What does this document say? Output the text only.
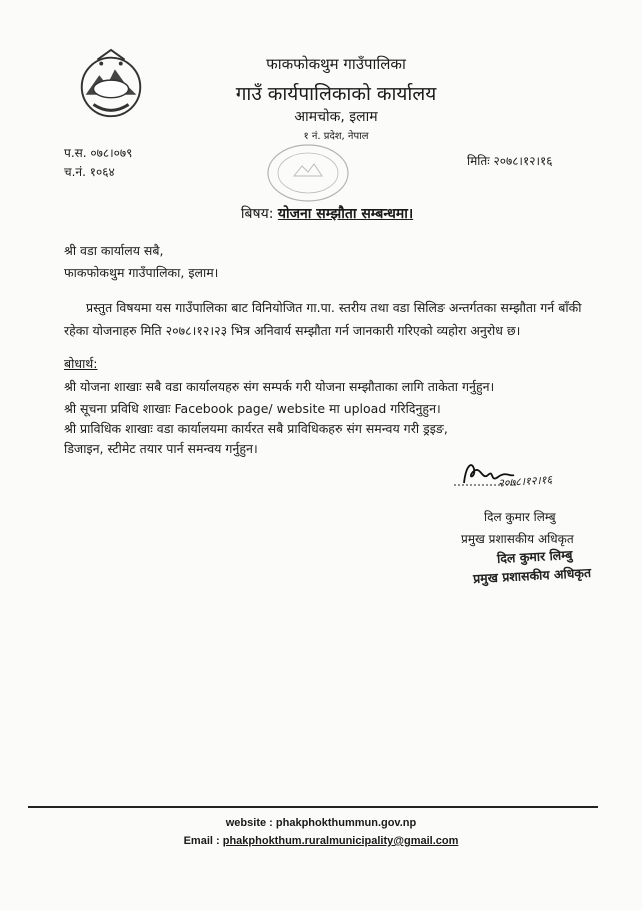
फाकफोकथुम गाउँपालिका
गाउँ कार्यपालिकाको कार्यालय
आमचोक, इलाम
१ नं. प्रदेश, नेपाल
प.स. ०७८।०७९
च.नं. १०६४
मितिः २०७८।१२।१६
बिषय: योजना सम्झौता सम्बन्धमा।
श्री वडा कार्यालय सबै,
फाकफोकथुम गाउँपालिका, इलाम।
प्रस्तुत विषयमा यस गाउँपालिका बाट विनियोजित गा.पा. स्तरीय तथा वडा सिलिङ अन्तर्गतका सम्झौता गर्न बाँकी रहेका योजनाहरु मिति २०७८।१२।२३ भित्र अनिवार्य सम्झौता गर्न जानकारी गरिएको व्यहोरा अनुरोध छ।
बोधार्थ:
श्री योजना शाखाः सबै वडा कार्यालयहरु संग सम्पर्क गरी योजना सम्झौताका लागि ताकेता गर्नुहुन।
श्री सूचना प्रविधि शाखाः Facebook page/ website मा upload गरिदिनुहुन।
श्री प्राविधिक शाखाः वडा कार्यालयमा कार्यरत सबै प्राविधिकहरु संग समन्वय गरी ड्रइङ,
डिजाइन, स्टीमेट तयार पार्न समन्वय गर्नुहुन।
२०७८।१२।१६
दिल कुमार लिम्बु
प्रमुख प्रशासकीय अधिकृत
दिल कुमार लिम्बु
प्रमुख प्रशासकीय अधिकृत
website : phakphokthummun.gov.np
Email : phakphokthum.ruralmunicipality@gmail.com
